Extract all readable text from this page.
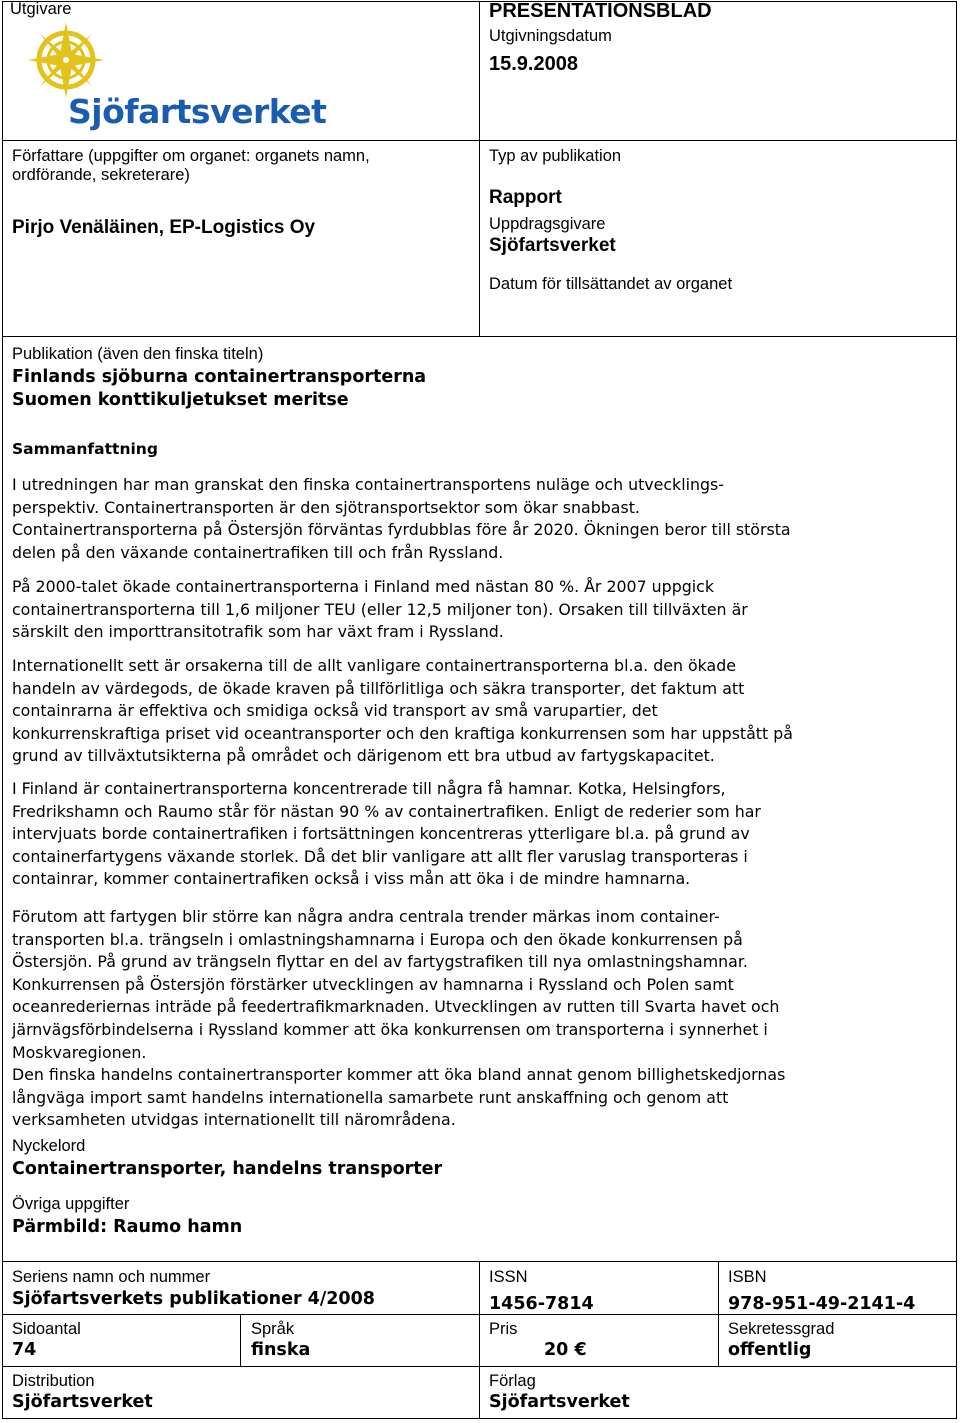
Utgivare
Sjöfartsverket
PRESENTATIONSBLAD
Utgivningsdatum
15.9.2008
Författare (uppgifter om organet: organets namn,
ordförande, sekreterare)
Pirjo Venäläinen, EP-Logistics Oy
Typ av publikation
Rapport
Uppdragsgivare
Sjöfartsverket
Datum för tillsättandet av organet
Publikation (även den finska titeln)
Finlands sjöburna containertransporterna
Suomen konttikuljetukset meritse
Sammanfattning

I utredningen har man granskat den finska containertransportens nuläge och utvecklings-

perspektiv. Containertransporten är den sjötransportsektor som ökar snabbast.

Containertransporterna på Östersjön förväntas fyrdubblas före år 2020. Ökningen beror till största

delen på den växande containertrafiken till och från Ryssland.

På 2000-talet ökade containertransporterna i Finland med nästan 80 %. År 2007 uppgick

containertransporterna till 1,6 miljoner TEU (eller 12,5 miljoner ton). Orsaken till tillväxten är

särskilt den importtransitotrafik som har växt fram i Ryssland.

Internationellt sett är orsakerna till de allt vanligare containertransporterna bl.a. den ökade

handeln av värdegods, de ökade kraven på tillförlitliga och säkra transporter, det faktum att

containrarna är effektiva och smidiga också vid transport av små varupartier, det

konkurrenskraftiga priset vid oceantransporter och den kraftiga konkurrensen som har uppstått på

grund av tillväxtutsikterna på området och därigenom ett bra utbud av fartygskapacitet.

I Finland är containertransporterna koncentrerade till några få hamnar. Kotka, Helsingfors,

Fredrikshamn och Raumo står för nästan 90 % av containertrafiken. Enligt de rederier som har

intervjuats borde containertrafiken i fortsättningen koncentreras ytterligare bl.a. på grund av

containerfartygens växande storlek. Då det blir vanligare att allt fler varuslag transporteras i

containrar, kommer containertrafiken också i viss mån att öka i de mindre hamnarna.

Förutom att fartygen blir större kan några andra centrala trender märkas inom container-

transporten bl.a. trängseln i omlastningshamnarna i Europa och den ökade konkurrensen på

Östersjön. På grund av trängseln flyttar en del av fartygstrafiken till nya omlastningshamnar.

Konkurrensen på Östersjön förstärker utvecklingen av hamnarna i Ryssland och Polen samt

oceanrederiernas inträde på feedertrafikmarknaden. Utvecklingen av rutten till Svarta havet och

järnvägsförbindelserna i Ryssland kommer att öka konkurrensen om transporterna i synnerhet i

Moskvaregionen.

Den finska handelns containertransporter kommer att öka bland annat genom billighetskedjornas

långväga import samt handelns internationella samarbete runt anskaffning och genom att

verksamheten utvidgas internationellt till närområdena.

Nyckelord
Containertransporter, handelns transporter
Övriga uppgifter
Pärmbild: Raumo hamn
Seriens namn och nummer
Sjöfartsverkets publikationer 4/2008
ISSN
1456-7814
ISBN
978-951-49-2141-4
Sidoantal
74
Språk
finska
Pris
20 €
Sekretessgrad
offentlig
Distribution
Sjöfartsverket
Förlag
Sjöfartsverket
